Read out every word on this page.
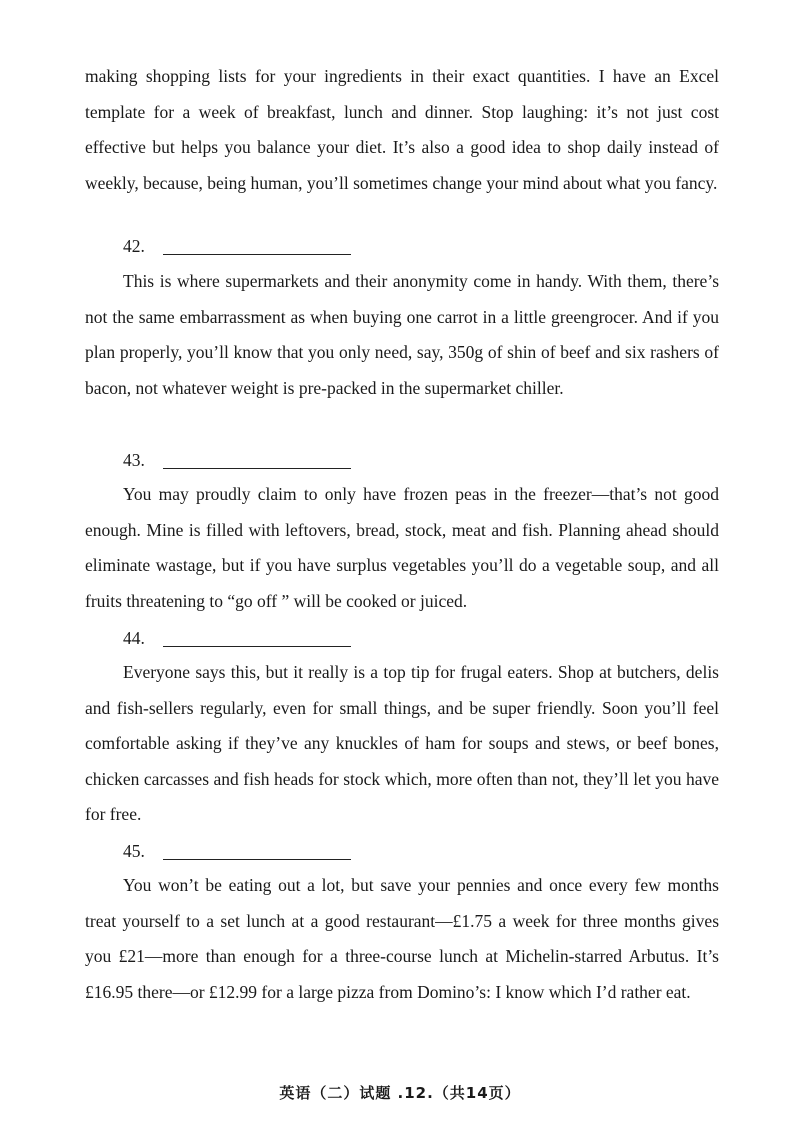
making shopping lists for your ingredients in their exact quantities. I have an Excel template for a week of breakfast, lunch and dinner. Stop laughing: it’s not just cost effective but helps you balance your diet. It’s also a good idea to shop daily instead of weekly, because, being human, you’ll sometimes change your mind about what you fancy.

42.

This is where supermarkets and their anonymity come in handy. With them, there’s not the same embarrassment as when buying one carrot in a little greengrocer. And if you plan properly, you’ll know that you only need, say, 350g of shin of beef and six rashers of bacon, not whatever weight is pre-packed in the supermarket chiller.

43.

You may proudly claim to only have frozen peas in the freezer—that’s not good enough. Mine is filled with leftovers, bread, stock, meat and fish. Planning ahead should eliminate wastage, but if you have surplus vegetables you’ll do a vegetable soup, and all fruits threatening to “go off ” will be cooked or juiced.

44.

Everyone says this, but it really is a top tip for frugal eaters. Shop at butchers, delis and fish-sellers regularly, even for small things, and be super friendly. Soon you’ll feel comfortable asking if they’ve any knuckles of ham for soups and stews, or beef bones, chicken carcasses and fish heads for stock which, more often than not, they’ll let you have for free.

45.

You won’t be eating out a lot, but save your pennies and once every few months treat yourself to a set lunch at a good restaurant—£1.75 a week for three months gives you £21—more than enough for a three-course lunch at Michelin-starred Arbutus. It’s £16.95 there—or £12.99 for a large pizza from Domino’s: I know which I’d rather eat.

英语（二）试题 .12.（共14页）
